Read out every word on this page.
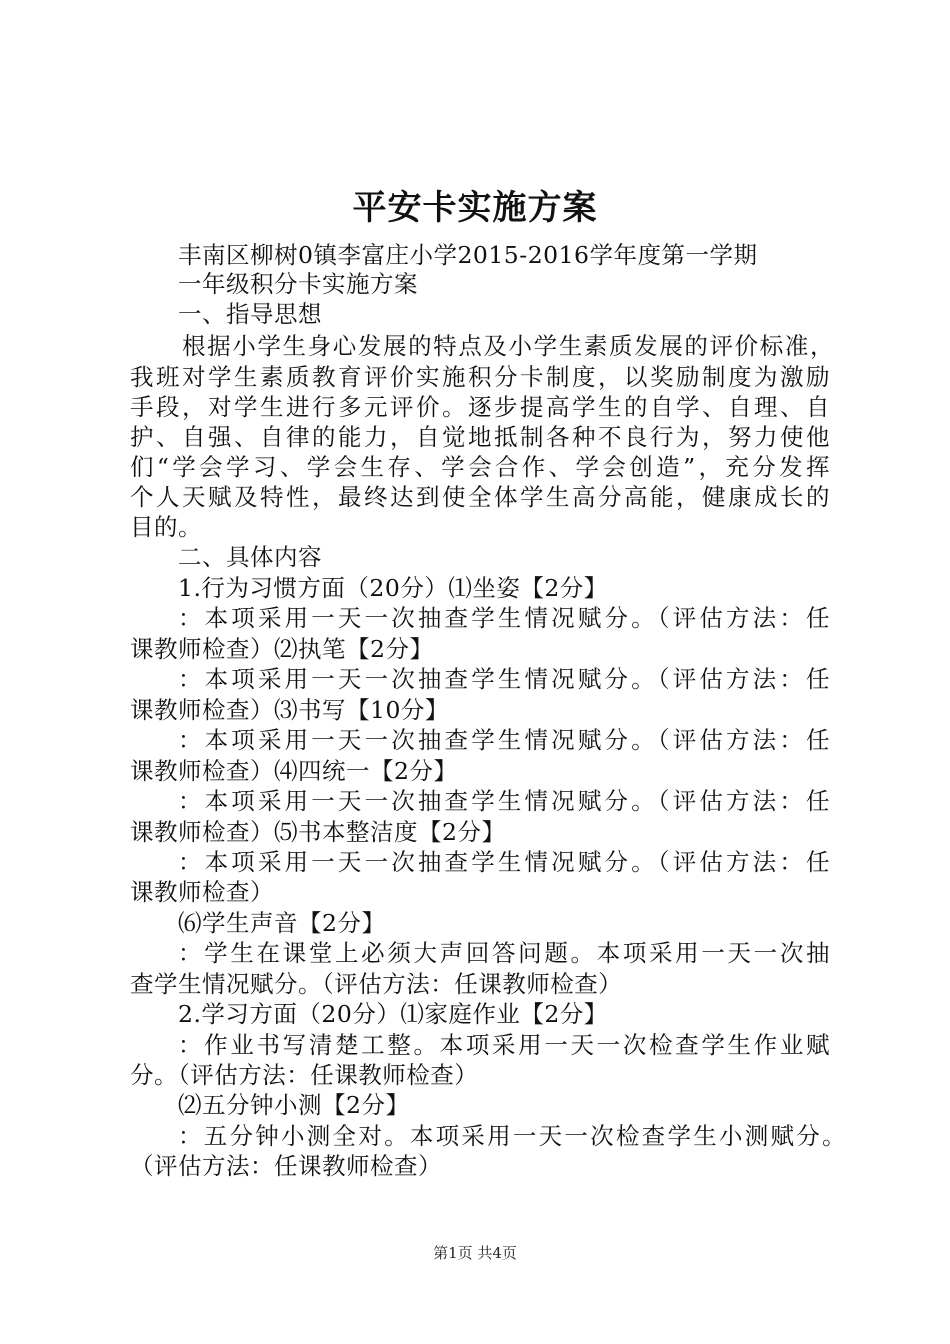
平安卡实施方案
丰南区柳树0镇李富庄小学2015-2016学年度第一学期
一年级积分卡实施方案
一、指导思想
根据小学生身心发展的特点及小学生素质发展的评价标准，
我班对学生素质教育评价实施积分卡制度，以奖励制度为激励
手段，对学生进行多元评价。逐步提高学生的自学、自理、自
护、自强、自律的能力，自觉地抵制各种不良行为，努力使他
们“学会学习、学会生存、学会合作、学会创造”，充分发挥
个人天赋及特性，最终达到使全体学生高分高能，健康成长的
目的。
二、具体内容
1.行为习惯方面（20分）⑴坐姿【2分】
：本项采用一天一次抽查学生情况赋分。（评估方法：任
课教师检查）⑵执笔【2分】
：本项采用一天一次抽查学生情况赋分。（评估方法：任
课教师检查）⑶书写【10分】
：本项采用一天一次抽查学生情况赋分。（评估方法：任
课教师检查）⑷四统一【2分】
：本项采用一天一次抽查学生情况赋分。（评估方法：任
课教师检查）⑸书本整洁度【2分】
：本项采用一天一次抽查学生情况赋分。（评估方法：任
课教师检查）
⑹学生声音【2分】
：学生在课堂上必须大声回答问题。本项采用一天一次抽
查学生情况赋分。（评估方法：任课教师检查）
2.学习方面（20分）⑴家庭作业【2分】
：作业书写清楚工整。本项采用一天一次检查学生作业赋
分。（评估方法：任课教师检查）
⑵五分钟小测【2分】
：五分钟小测全对。本项采用一天一次检查学生小测赋分。
（评估方法：任课教师检查）
第1页 共4页
